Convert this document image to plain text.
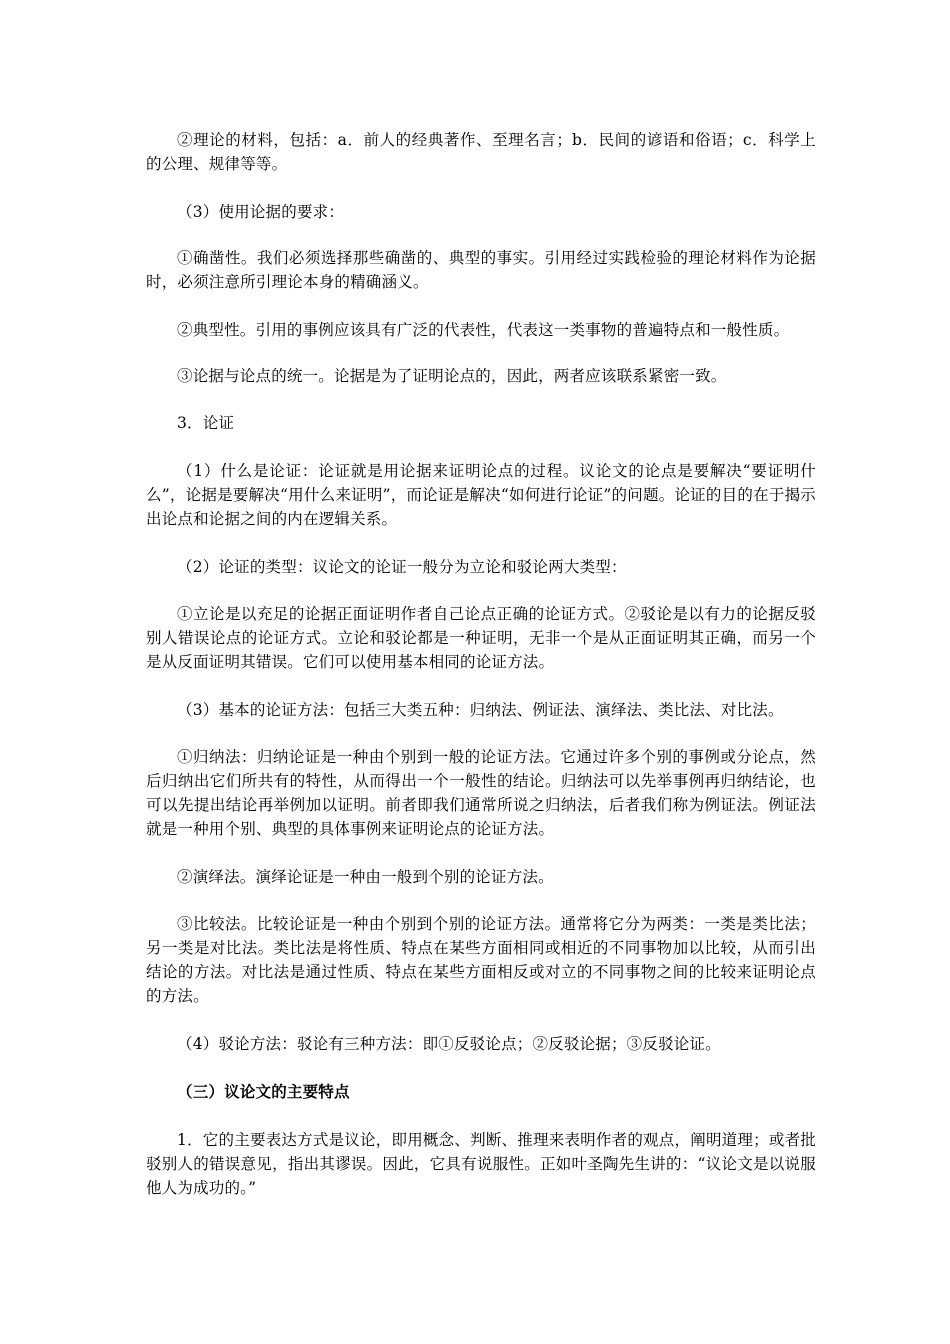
②理论的材料，包括：a．前人的经典著作、至理名言；b．民间的谚语和俗语；c．科学上的公理、规律等等。

（3）使用论据的要求：

①确凿性。我们必须选择那些确凿的、典型的事实。引用经过实践检验的理论材料作为论据时，必须注意所引理论本身的精确涵义。

②典型性。引用的事例应该具有广泛的代表性，代表这一类事物的普遍特点和一般性质。

③论据与论点的统一。论据是为了证明论点的，因此，两者应该联系紧密一致。

3．论证

（1）什么是论证：论证就是用论据来证明论点的过程。议论文的论点是要解决“要证明什么”，论据是要解决“用什么来证明”，而论证是解决“如何进行论证”的问题。论证的目的在于揭示出论点和论据之间的内在逻辑关系。

（2）论证的类型：议论文的论证一般分为立论和驳论两大类型：

①立论是以充足的论据正面证明作者自己论点正确的论证方式。②驳论是以有力的论据反驳别人错误论点的论证方式。立论和驳论都是一种证明，无非一个是从正面证明其正确，而另一个是从反面证明其错误。它们可以使用基本相同的论证方法。

（3）基本的论证方法：包括三大类五种：归纳法、例证法、演绎法、类比法、对比法。

①归纳法：归纳论证是一种由个别到一般的论证方法。它通过许多个别的事例或分论点，然后归纳出它们所共有的特性，从而得出一个一般性的结论。归纳法可以先举事例再归纳结论，也可以先提出结论再举例加以证明。前者即我们通常所说之归纳法，后者我们称为例证法。例证法就是一种用个别、典型的具体事例来证明论点的论证方法。

②演绎法。演绎论证是一种由一般到个别的论证方法。

③比较法。比较论证是一种由个别到个别的论证方法。通常将它分为两类：一类是类比法；另一类是对比法。类比法是将性质、特点在某些方面相同或相近的不同事物加以比较，从而引出结论的方法。对比法是通过性质、特点在某些方面相反或对立的不同事物之间的比较来证明论点的方法。

（4）驳论方法：驳论有三种方法：即①反驳论点；②反驳论据；③反驳论证。

（三）议论文的主要特点

1．它的主要表达方式是议论，即用概念、判断、推理来表明作者的观点，阐明道理；或者批驳别人的错误意见，指出其谬误。因此，它具有说服性。正如叶圣陶先生讲的：“议论文是以说服他人为成功的。”
